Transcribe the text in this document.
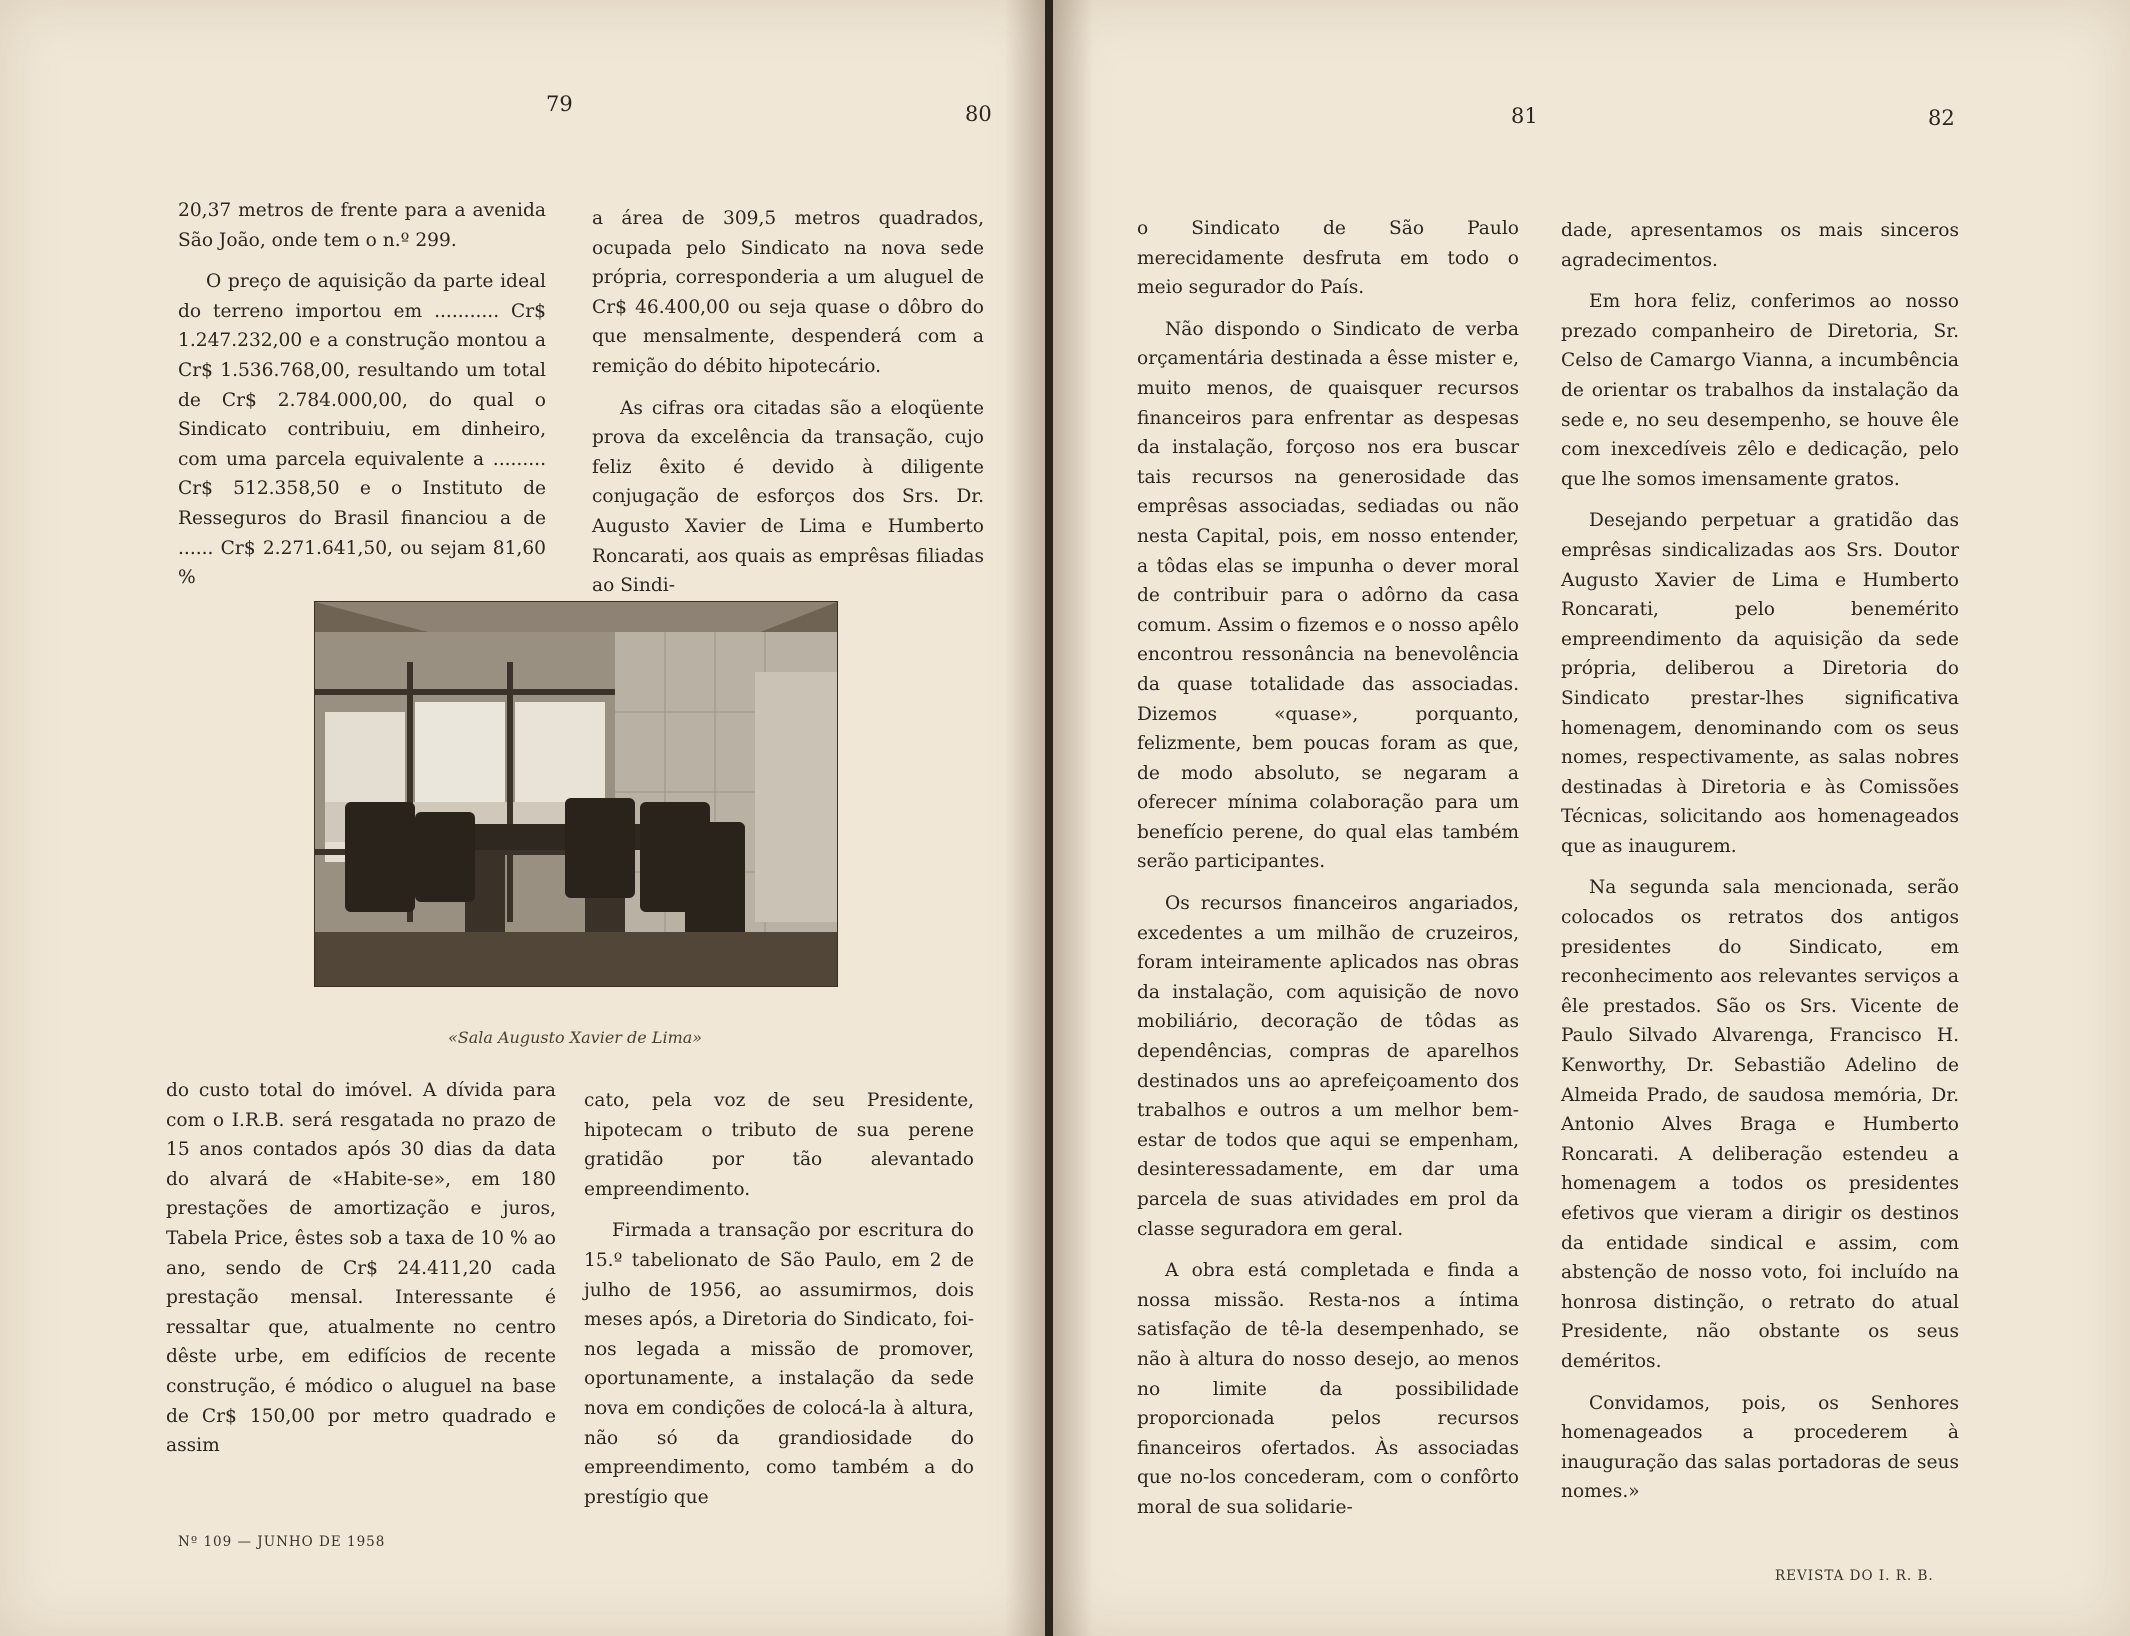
79	80

20,37 metros de frente para a avenida São João, onde tem o n.º 299.

O preço de aquisição da parte ideal do terreno importou em ........... Cr$ 1.247.232,00 e a construção montou a Cr$ 1.536.768,00, resultando um total de Cr$ 2.784.000,00, do qual o Sindicato contribuiu, em dinheiro, com uma parcela equivalente a ......... Cr$ 512.358,50 e o Instituto de Resseguros do Brasil financiou a de ...... Cr$ 2.271.641,50, ou sejam 81,60 %

a área de 309,5 metros quadrados, ocupada pelo Sindicato na nova sede própria, corresponderia a um aluguel de Cr$ 46.400,00 ou seja quase o dôbro do que mensalmente, despenderá com a remição do débito hipotecário.

As cifras ora citadas são a eloqüente prova da excelência da transação, cujo feliz êxito é devido à diligente conjugação de esforços dos Srs. Dr. Augusto Xavier de Lima e Humberto Roncarati, aos quais as emprêsas filiadas ao Sindi-

«Sala Augusto Xavier de Lima»

do custo total do imóvel. A dívida para com o I.R.B. será resgatada no prazo de 15 anos contados após 30 dias da data do alvará de «Habite-se», em 180 prestações de amortização e juros, Tabela Price, êstes sob a taxa de 10 % ao ano, sendo de Cr$ 24.411,20 cada prestação mensal. Interessante é ressaltar que, atualmente no centro dêste urbe, em edifícios de recente construção, é módico o aluguel na base de Cr$ 150,00 por metro quadrado e assim

cato, pela voz de seu Presidente, hipotecam o tributo de sua perene gratidão por tão alevantado empreendimento.

Firmada a transação por escritura do 15.º tabelionato de São Paulo, em 2 de julho de 1956, ao assumirmos, dois meses após, a Diretoria do Sindicato, foi-nos legada a missão de promover, oportunamente, a instalação da sede nova em condições de colocá-la à altura, não só da grandiosidade do empreendimento, como também a do prestígio que

Nº 109 — JUNHO DE 1958
81	82

o Sindicato de São Paulo merecidamente desfruta em todo o meio segurador do País.

Não dispondo o Sindicato de verba orçamentária destinada a êsse mister e, muito menos, de quaisquer recursos financeiros para enfrentar as despesas da instalação, forçoso nos era buscar tais recursos na generosidade das emprêsas associadas, sediadas ou não nesta Capital, pois, em nosso entender, a tôdas elas se impunha o dever moral de contribuir para o adôrno da casa comum. Assim o fizemos e o nosso apêlo encontrou ressonância na benevolência da quase totalidade das associadas. Dizemos «quase», porquanto, felizmente, bem poucas foram as que, de modo absoluto, se negaram a oferecer mínima colaboração para um benefício perene, do qual elas também serão participantes.

Os recursos financeiros angariados, excedentes a um milhão de cruzeiros, foram inteiramente aplicados nas obras da instalação, com aquisição de novo mobiliário, decoração de tôdas as dependências, compras de aparelhos destinados uns ao aprefeiçoamento dos trabalhos e outros a um melhor bem-estar de todos que aqui se empenham, desinteressadamente, em dar uma parcela de suas atividades em prol da classe seguradora em geral.

A obra está completada e finda a nossa missão. Resta-nos a íntima satisfação de tê-la desempenhado, se não à altura do nosso desejo, ao menos no limite da possibilidade proporcionada pelos recursos financeiros ofertados. Às associadas que no-los concederam, com o confôrto moral de sua solidarie-

dade, apresentamos os mais sinceros agradecimentos.

Em hora feliz, conferimos ao nosso prezado companheiro de Diretoria, Sr. Celso de Camargo Vianna, a incumbência de orientar os trabalhos da instalação da sede e, no seu desempenho, se houve êle com inexcedíveis zêlo e dedicação, pelo que lhe somos imensamente gratos.

Desejando perpetuar a gratidão das emprêsas sindicalizadas aos Srs. Doutor Augusto Xavier de Lima e Humberto Roncarati, pelo benemérito empreendimento da aquisição da sede própria, deliberou a Diretoria do Sindicato prestar-lhes significativa homenagem, denominando com os seus nomes, respectivamente, as salas nobres destinadas à Diretoria e às Comissões Técnicas, solicitando aos homenageados que as inaugurem.

Na segunda sala mencionada, serão colocados os retratos dos antigos presidentes do Sindicato, em reconhecimento aos relevantes serviços a êle prestados. São os Srs. Vicente de Paulo Silvado Alvarenga, Francisco H. Kenworthy, Dr. Sebastião Adelino de Almeida Prado, de saudosa memória, Dr. Antonio Alves Braga e Humberto Roncarati. A deliberação estendeu a homenagem a todos os presidentes efetivos que vieram a dirigir os destinos da entidade sindical e assim, com abstenção de nosso voto, foi incluído na honrosa distinção, o retrato do atual Presidente, não obstante os seus deméritos.

Convidamos, pois, os Senhores homenageados a procederem à inauguração das salas portadoras de seus nomes.»

REVISTA DO I. R. B.
